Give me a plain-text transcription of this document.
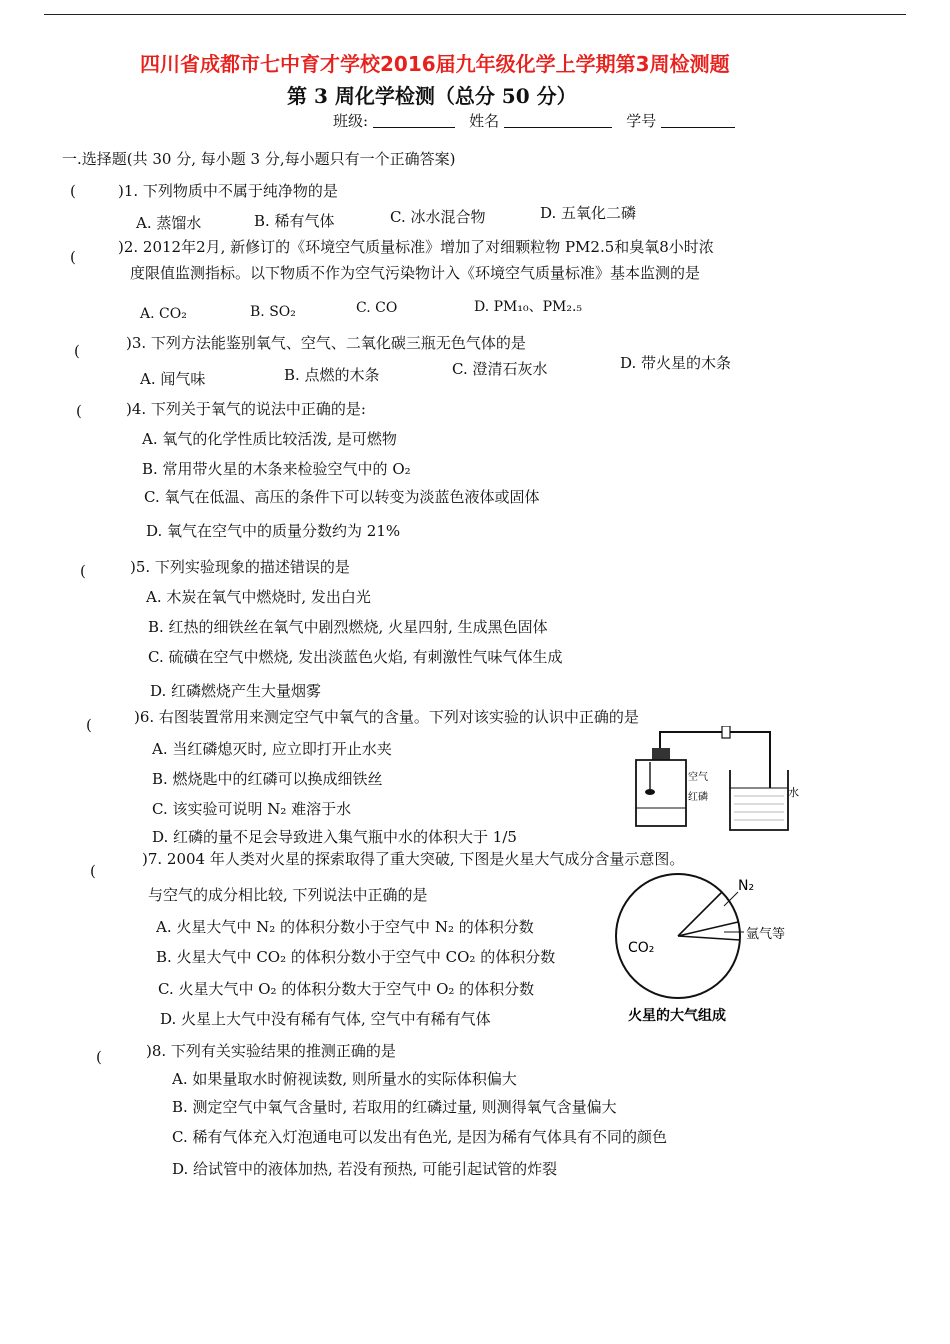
四川省成都市七中育才学校2016届九年级化学上学期第3周检测题
第 3 周化学检测（总分 50 分）
班级:	姓名	学号
一.选择题(共 30 分, 每小题 3 分,每小题只有一个正确答案)
(	)1. 下列物质中不属于纯净物的是
A. 蒸馏水	B. 稀有气体	C. 冰水混合物	D. 五氧化二磷
(
)2. 2012年2月, 新修订的《环境空气质量标准》增加了对细颗粒物 PM2.5和臭氧8小时浓
度限值监测指标。以下物质不作为空气污染物计入《环境空气质量标准》基本监测的是
A. CO₂	B. SO₂	C. CO	D. PM₁₀、PM₂.₅
(	)3. 下列方法能鉴别氧气、空气、二氧化碳三瓶无色气体的是
A. 闻气味	B. 点燃的木条	C. 澄清石灰水	D. 带火星的木条
(	)4. 下列关于氧气的说法中正确的是:
A. 氧气的化学性质比较活泼, 是可燃物
B. 常用带火星的木条来检验空气中的 O₂
C. 氧气在低温、高压的条件下可以转变为淡蓝色液体或固体
D. 氧气在空气中的质量分数约为 21%
(	)5. 下列实验现象的描述错误的是
A. 木炭在氧气中燃烧时, 发出白光
B. 红热的细铁丝在氧气中剧烈燃烧, 火星四射, 生成黑色固体
C. 硫磺在空气中燃烧, 发出淡蓝色火焰, 有刺激性气味气体生成
D. 红磷燃烧产生大量烟雾
(	)6. 右图装置常用来测定空气中氧气的含量。下列对该实验的认识中正确的是
A. 当红磷熄灭时, 应立即打开止水夹
B. 燃烧匙中的红磷可以换成细铁丝
C. 该实验可说明 N₂ 难溶于水
D. 红磷的量不足会导致进入集气瓶中水的体积大于 1/5
空气
红磷	水
(
)7. 2004 年人类对火星的探索取得了重大突破, 下图是火星大气成分含量示意图。
与空气的成分相比较, 下列说法中正确的是
A. 火星大气中 N₂ 的体积分数小于空气中 N₂ 的体积分数
B. 火星大气中 CO₂ 的体积分数小于空气中 CO₂ 的体积分数
C. 火星大气中 O₂ 的体积分数大于空气中 O₂ 的体积分数
D. 火星上大气中没有稀有气体, 空气中有稀有气体
N₂
氩气等
CO₂
火星的大气组成
(	)8. 下列有关实验结果的推测正确的是
A. 如果量取水时俯视读数, 则所量水的实际体积偏大
B. 测定空气中氧气含量时, 若取用的红磷过量, 则测得氧气含量偏大
C. 稀有气体充入灯泡通电可以发出有色光, 是因为稀有气体具有不同的颜色
D. 给试管中的液体加热, 若没有预热, 可能引起试管的炸裂
